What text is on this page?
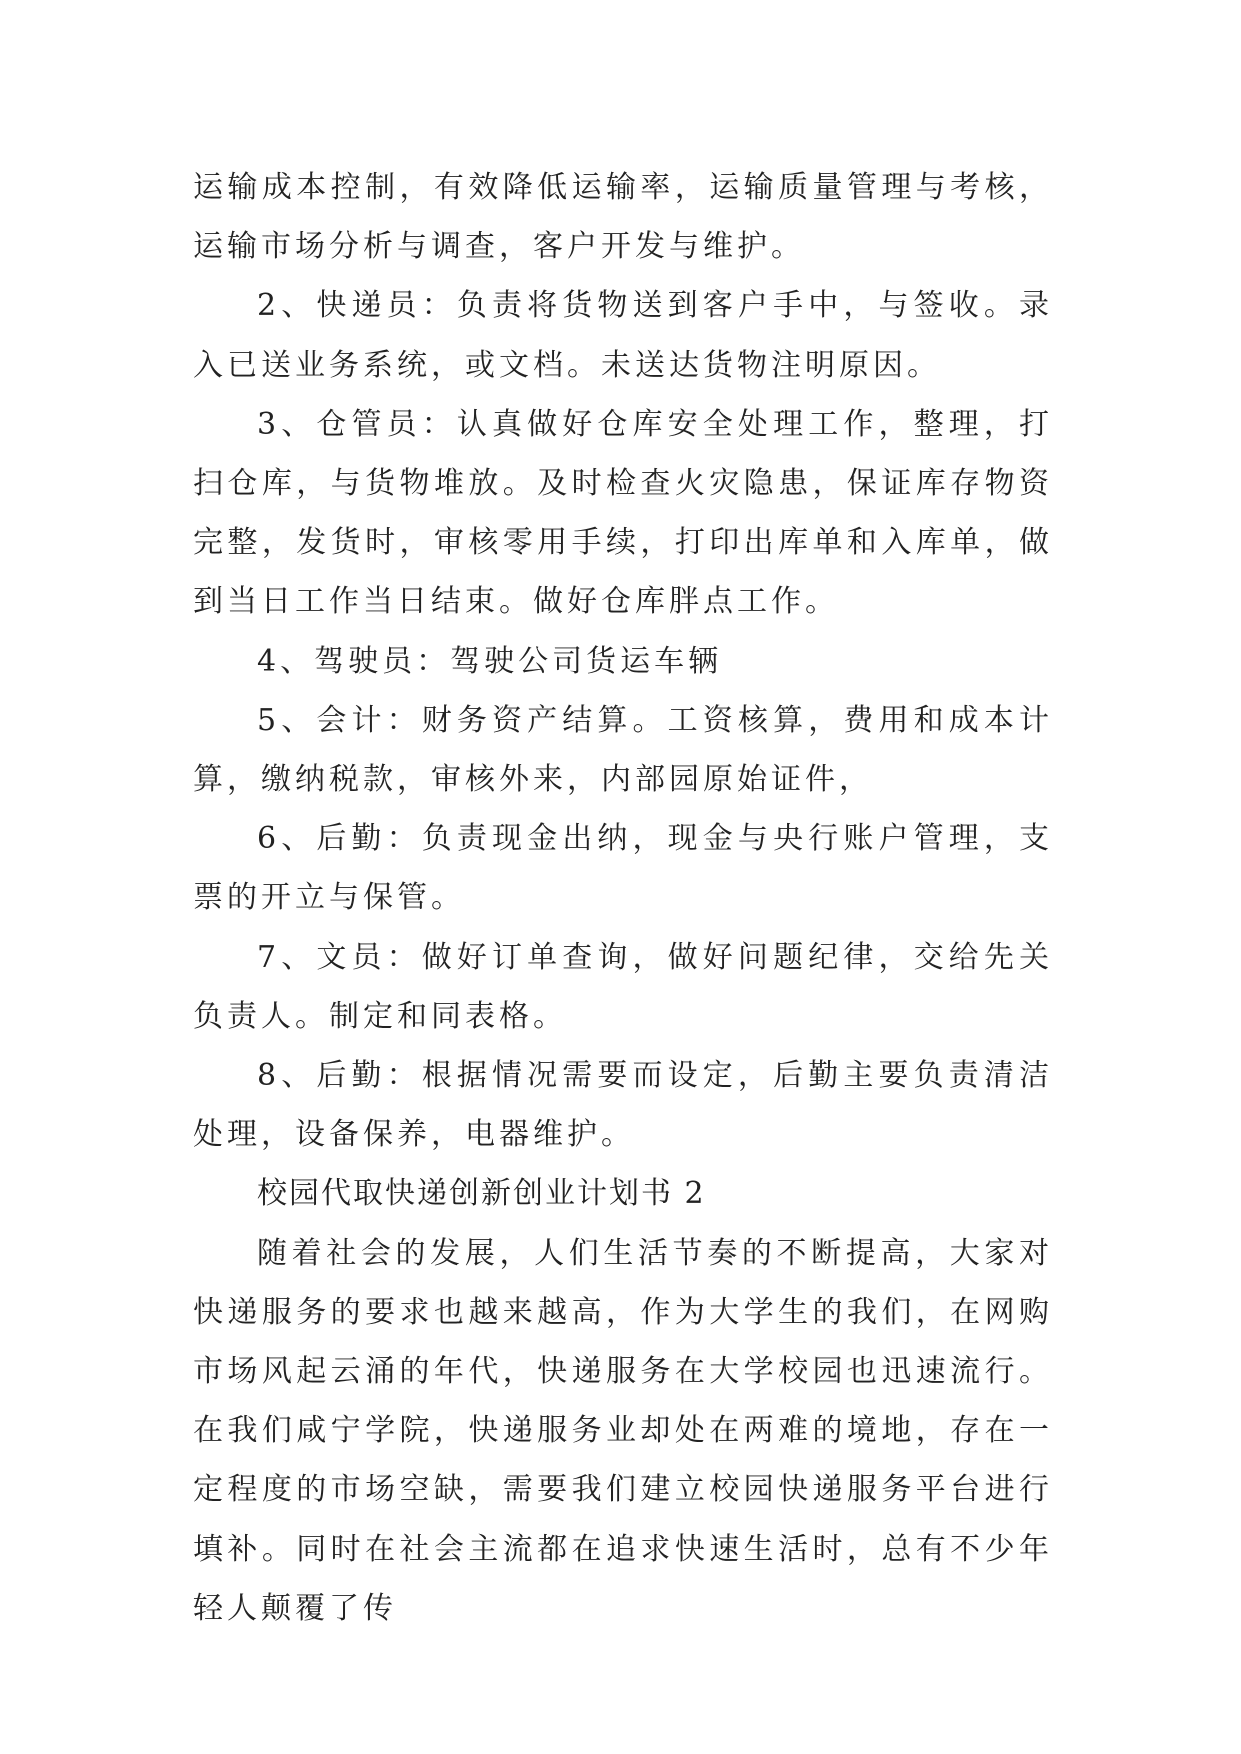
运输成本控制，有效降低运输率，运输质量管理与考核，运输市场分析与调查，客户开发与维护。

2、快递员：负责将货物送到客户手中，与签收。录入已送业务系统，或文档。未送达货物注明原因。

3、仓管员：认真做好仓库安全处理工作，整理，打扫仓库，与货物堆放。及时检查火灾隐患，保证库存物资完整，发货时，审核零用手续，打印出库单和入库单，做到当日工作当日结束。做好仓库胖点工作。

4、驾驶员：驾驶公司货运车辆

5、会计：财务资产结算。工资核算，费用和成本计算，缴纳税款，审核外来，内部园原始证件，

6、后勤：负责现金出纳，现金与央行账户管理，支票的开立与保管。

7、文员：做好订单查询，做好问题纪律，交给先关负责人。制定和同表格。

8、后勤：根据情况需要而设定，后勤主要负责清洁处理，设备保养，电器维护。

校园代取快递创新创业计划书 2

随着社会的发展，人们生活节奏的不断提高，大家对快递服务的要求也越来越高，作为大学生的我们，在网购市场风起云涌的年代，快递服务在大学校园也迅速流行。在我们咸宁学院，快递服务业却处在两难的境地，存在一定程度的市场空缺，需要我们建立校园快递服务平台进行填补。同时在社会主流都在追求快速生活时，总有不少年轻人颠覆了传
